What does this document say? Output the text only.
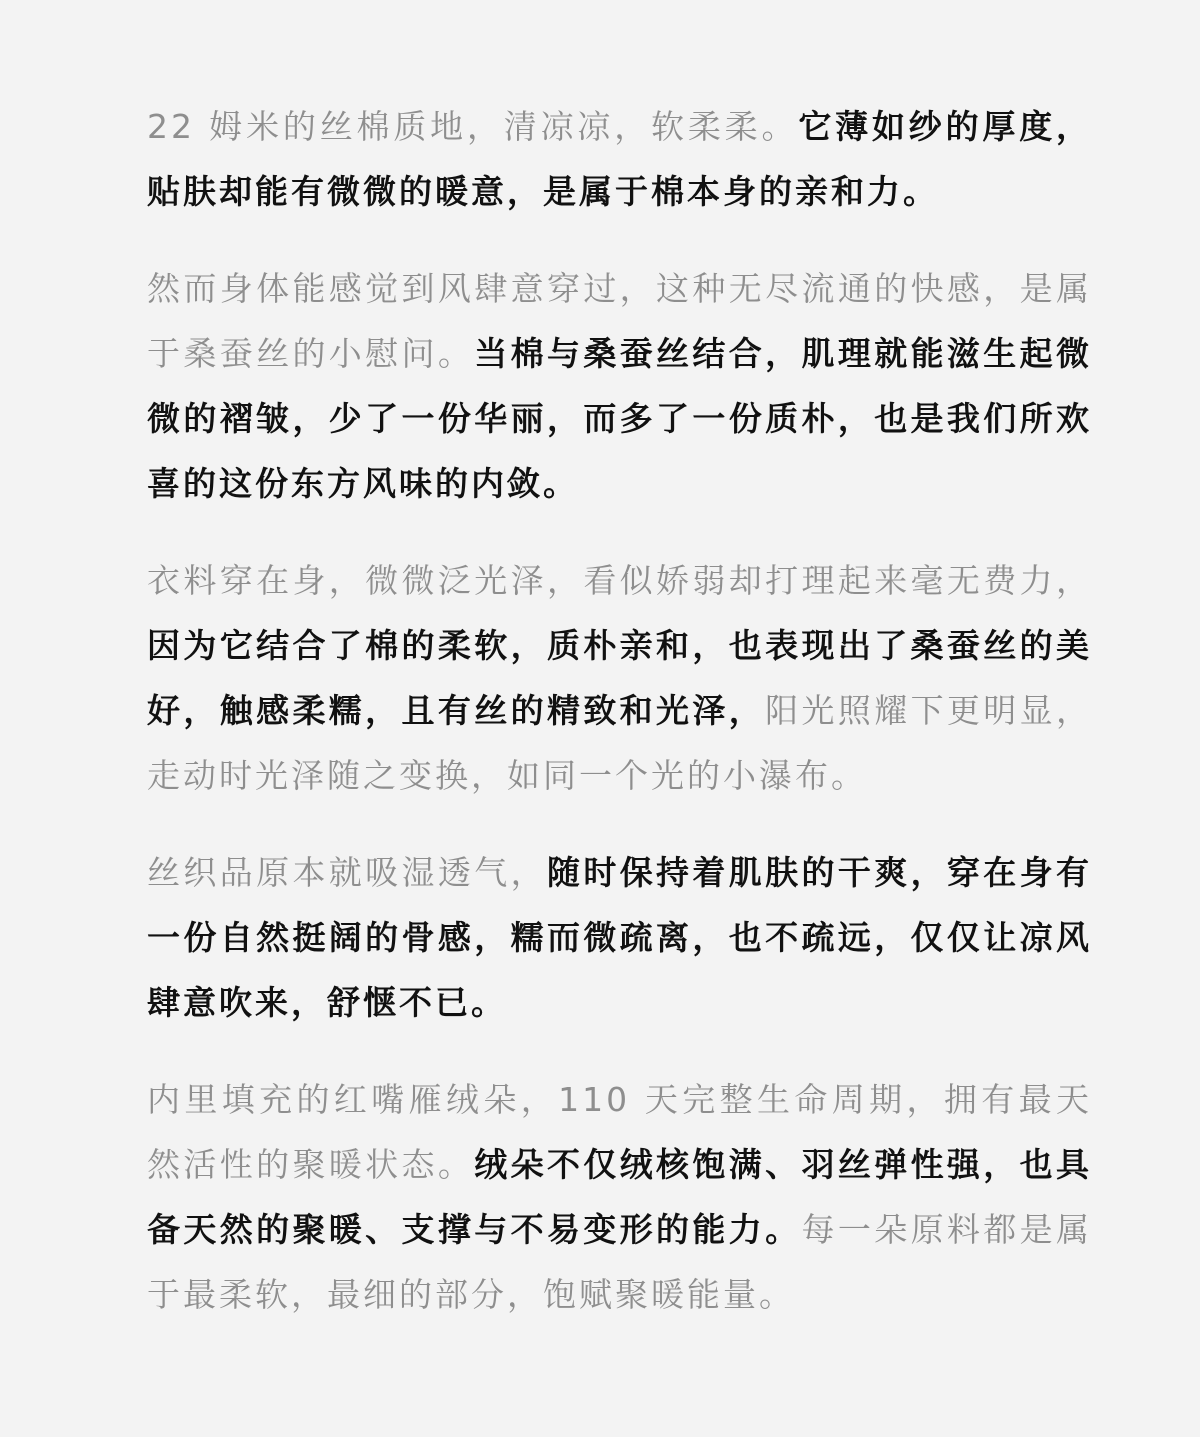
22 姆米的丝棉质地，清凉凉，软柔柔。它薄如纱的厚度，贴肤却能有微微的暖意，是属于棉本身的亲和力。

然而身体能感觉到风肆意穿过，这种无尽流通的快感，是属于桑蚕丝的小慰问。当棉与桑蚕丝结合，肌理就能滋生起微微的褶皱，少了一份华丽，而多了一份质朴，也是我们所欢喜的这份东方风味的内敛。

衣料穿在身，微微泛光泽，看似娇弱却打理起来毫无费力，因为它结合了棉的柔软，质朴亲和，也表现出了桑蚕丝的美好，触感柔糯，且有丝的精致和光泽，阳光照耀下更明显，走动时光泽随之变换，如同一个光的小瀑布。

丝织品原本就吸湿透气，随时保持着肌肤的干爽，穿在身有一份自然挺阔的骨感，糯而微疏离，也不疏远，仅仅让凉风肆意吹来，舒惬不已。

内里填充的红嘴雁绒朵，110 天完整生命周期，拥有最天然活性的聚暖状态。绒朵不仅绒核饱满、羽丝弹性强，也具备天然的聚暖、支撑与不易变形的能力。每一朵原料都是属于最柔软，最细的部分，饱赋聚暖能量。
